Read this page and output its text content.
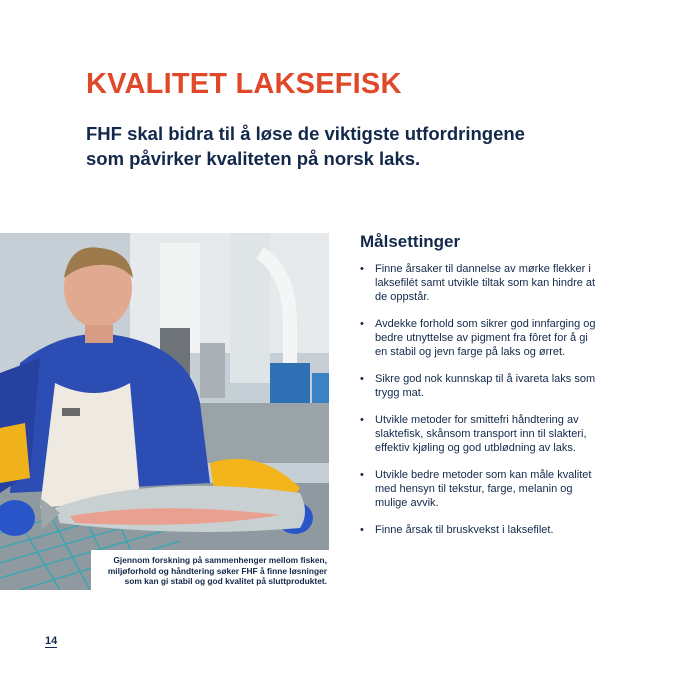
KVALITET LAKSEFISK

FHF skal bidra til å løse de viktigste utfordringene som påvirker kvaliteten på norsk laks.

Gjennom forskning på sammenhenger mellom fisken, miljøforhold og håndtering søker FHF å finne løsninger som kan gi stabil og god kvalitet på sluttproduktet.
Målsettinger
• Finne årsaker til dannelse av mørke flekker i laksefilét samt utvikle tiltak som kan hindre at de oppstår.
• Avdekke forhold som sikrer god innfarging og bedre utnyttelse av pigment fra fôret for å gi en stabil og jevn farge på laks og ørret.
• Sikre god nok kunnskap til å ivareta laks som trygg mat.
• Utvikle metoder for smittefri håndtering av slaktefisk, skånsom transport inn til slakteri, effektiv kjøling og god utblødning av laks.
• Utvikle bedre metoder som kan måle kvalitet med hensyn til tekstur, farge, melanin og mulige avvik.
• Finne årsak til bruskvekst i laksefilet.
14
